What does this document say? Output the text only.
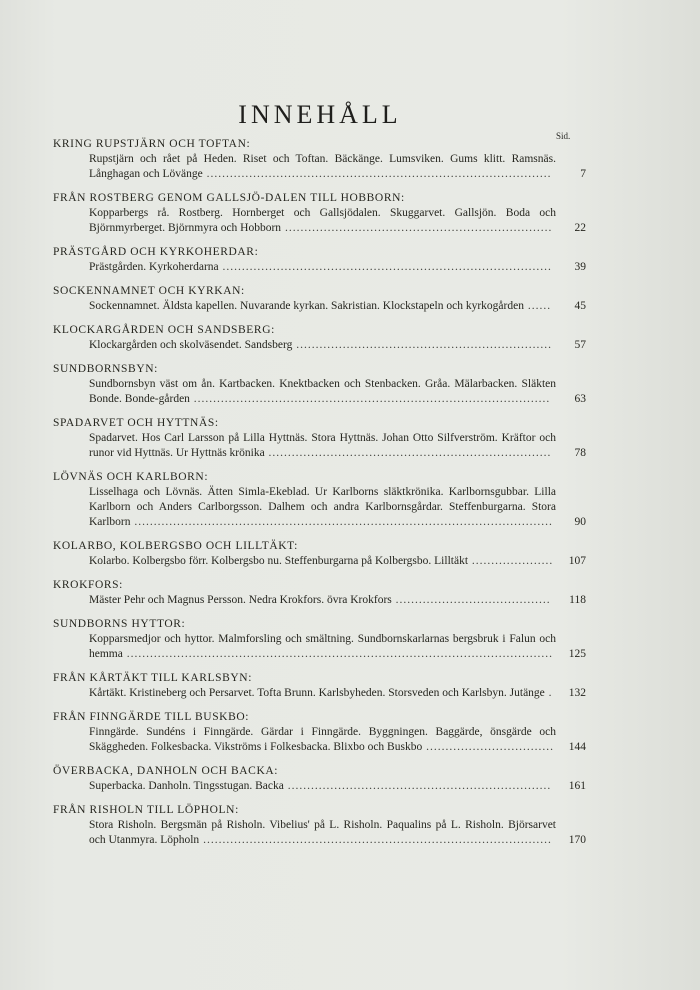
INNEHÅLL
Sid.
KRING RUPSTJÄRN OCH TOFTAN:
Rupstjärn och rået på Heden. Riset och Toftan. Bäckänge. Lumsviken. Gums klitt. Ramsnäs. Långhagan och Lövänge .........................................................................................	7
FRÅN ROSTBERG GENOM GALLSJÖ-DALEN TILL HOBBORN:
Kopparbergs rå. Rostberg. Hornberget och Gallsjödalen. Skuggarvet. Gallsjön. Boda och Björnmyrberget. Björnmyra och Hobborn .....................................................................	22
PRÄSTGÅRD OCH KYRKOHERDAR:
Prästgården. Kyrkoherdarna .....................................................................................	39
SOCKENNAMNET OCH KYRKAN:
Sockennamnet. Äldsta kapellen. Nuvarande kyrkan. Sakristian. Klockstapeln och kyrkogården ......	45
KLOCKARGÅRDEN OCH SANDSBERG:
Klockargården och skolväsendet. Sandsberg ..................................................................	57
SUNDBORNSBYN:
Sundbornsbyn väst om ån. Kartbacken. Knektbacken och Stenbacken. Gråa. Mälarbacken. Släkten Bonde. Bonde-gården ............................................................................................	63
SPADARVET OCH HYTTNÄS:
Spadarvet. Hos Carl Larsson på Lilla Hyttnäs. Stora Hyttnäs. Johan Otto Silfverström. Kräftor och runor vid Hyttnäs. Ur Hyttnäs krönika .........................................................................	78
LÖVNÄS OCH KARLBORN:
Lisselhaga och Lövnäs. Ätten Simla-Ekeblad. Ur Karlborns släktkrönika. Karlbornsgubbar. Lilla Karlborn och Anders Carlborgsson. Dalhem och andra Karlbornsgårdar. Steffenburgarna. Stora Karlborn ............................................................................................................	90
KOLARBO, KOLBERGSBO OCH LILLTÄKT:
Kolarbo. Kolbergsbo förr. Kolbergsbo nu. Steffenburgarna på Kolbergsbo. Lilltäkt .....................	107
KROKFORS:
Mäster Pehr och Magnus Persson. Nedra Krokfors. övra Krokfors ........................................	118
SUNDBORNS HYTTOR:
Kopparsmedjor och hyttor. Malmforsling och smältning. Sundbornskarlarnas bergsbruk i Falun och hemma ..............................................................................................................	125
FRÅN KÅRTÄKT TILL KARLSBYN:
Kårtäkt. Kristineberg och Persarvet. Tofta Brunn. Karlsbyheden. Storsveden och Karlsbyn. Jutänge .	132
FRÅN FINNGÄRDE TILL BUSKBO:
Finngärde. Sundéns i Finngärde. Gärdar i Finngärde. Byggningen. Baggärde, önsgärde och Skäggheden. Folkesbacka. Vikströms i Folkesbacka. Blixbo och Buskbo .................................	144
ÖVERBACKA, DANHOLN OCH BACKA:
Superbacka. Danholn. Tingsstugan. Backa ....................................................................	161
FRÅN RISHOLN TILL LÖPHOLN:
Stora Risholn. Bergsmän på Risholn. Vibelius' på L. Risholn. Paqualins på L. Risholn. Björsarvet och Utanmyra. Löpholn ..........................................................................................	170
